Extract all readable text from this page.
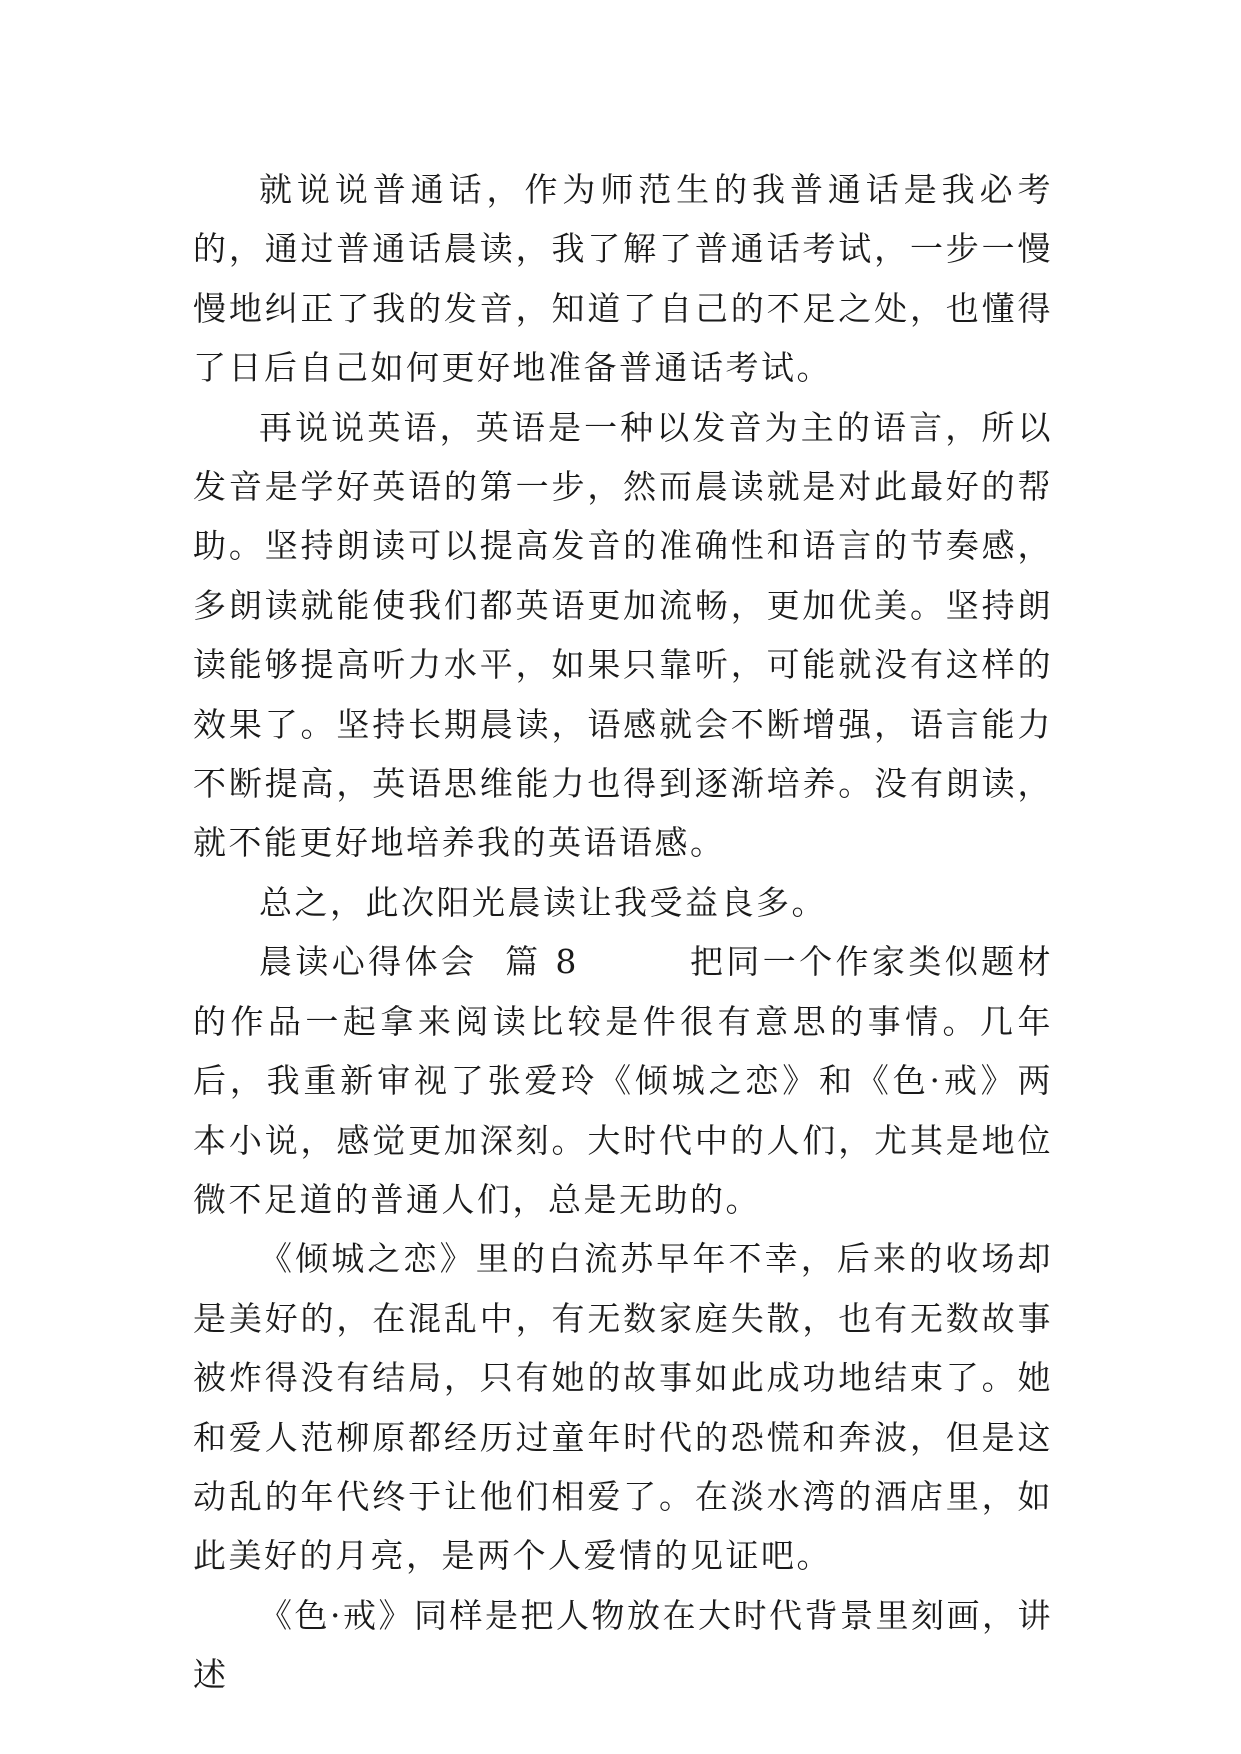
就说说普通话，作为师范生的我普通话是我必考的，通过普通话晨读，我了解了普通话考试，一步一慢慢地纠正了我的发音，知道了自己的不足之处，也懂得了日后自己如何更好地准备普通话考试。

再说说英语，英语是一种以发音为主的语言，所以发音是学好英语的第一步，然而晨读就是对此最好的帮助。坚持朗读可以提高发音的准确性和语言的节奏感，多朗读就能使我们都英语更加流畅，更加优美。坚持朗读能够提高听力水平，如果只靠听，可能就没有这样的效果了。坚持长期晨读，语感就会不断增强，语言能力不断提高，英语思维能力也得到逐渐培养。没有朗读，就不能更好地培养我的英语语感。

总之，此次阳光晨读让我受益良多。

晨读心得体会  篇 8        把同一个作家类似题材的作品一起拿来阅读比较是件很有意思的事情。几年后，我重新审视了张爱玲《倾城之恋》和《色·戒》两本小说，感觉更加深刻。大时代中的人们，尤其是地位微不足道的普通人们，总是无助的。

《倾城之恋》里的白流苏早年不幸，后来的收场却是美好的，在混乱中，有无数家庭失散，也有无数故事被炸得没有结局，只有她的故事如此成功地结束了。她和爱人范柳原都经历过童年时代的恐慌和奔波，但是这动乱的年代终于让他们相爱了。在淡水湾的酒店里，如此美好的月亮，是两个人爱情的见证吧。

《色·戒》同样是把人物放在大时代背景里刻画，讲述
